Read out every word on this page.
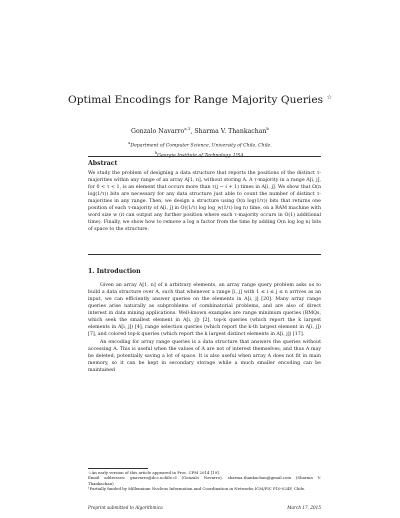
Optimal Encodings for Range Majority Queries ☆
Gonzalo Navarro$^{a,1}$, Sharma V. Thankachan$^b$
$^a$Department of Computer Science, University of Chile, Chile.
$^b$Georgia Institute of Technology, USA.
Abstract
We study the problem of designing a data structure that reports the positions of the distinct τ-majorities within any range of an array A[1, n], without storing A. A τ-majority in a range A[i, j], for 0 < τ < 1, is an element that occurs more than τ(j − i + 1) times in A[i, j]. We show that Ω(n log(1/τ)) bits are necessary for any data structure just able to count the number of distinct τ-majorities in any range. Then, we design a structure using O(n log(1/τ)) bits that returns one position of each τ-majority of A[i, j] in O((1/τ) log log_w(1/τ) log n) time, on a RAM machine with word size w (it can output any further position where each τ-majority occurs in O(1) additional time). Finally, we show how to remove a log n factor from the time by adding O(n log log n) bits of space to the structure.
1. Introduction

Given an array A[1, n] of n arbitrary elements, an array range query problem asks us to build a data structure over A, such that whenever a range [i, j] with 1 ≤ i ≤ j ≤ n arrives as an input, we can efficiently answer queries on the elements in A[i, j] [20]. Many array range queries arise naturally as subproblems of combinatorial problems, and are also of direct interest in data mining applications. Well-known examples are range minimum queries (RMQs, which seek the smallest element in A[i, j]) [2], top-k queries (which report the k largest elements in A[i, j]) [4], range selection queries (which report the k-th largest element in A[i, j]) [7], and colored top-k queries (which report the k largest distinct elements in A[i, j]) [17].

An encoding for array range queries is a data structure that answers the queries without accessing A. This is useful when the values of A are not of interest themselves, and thus A may be deleted, potentially saving a lot of space. It is also useful when array A does not fit in main memory, so it can be kept in secondary storage while a much smaller encoding can be maintained

☆An early version of this article appeared in Proc. CPM 2014 [19].

Email addresses: gnavarro@dcc.uchile.cl (Gonzalo Navarro), sharma.thankachan@gmail.com (Sharma V. Thankachan)

¹Partially funded by Millennium Nucleus Information and Coordination in Networks ICM/FIC P10-024F, Chile.

Preprint submitted to Algorithmica	March 17, 2015
